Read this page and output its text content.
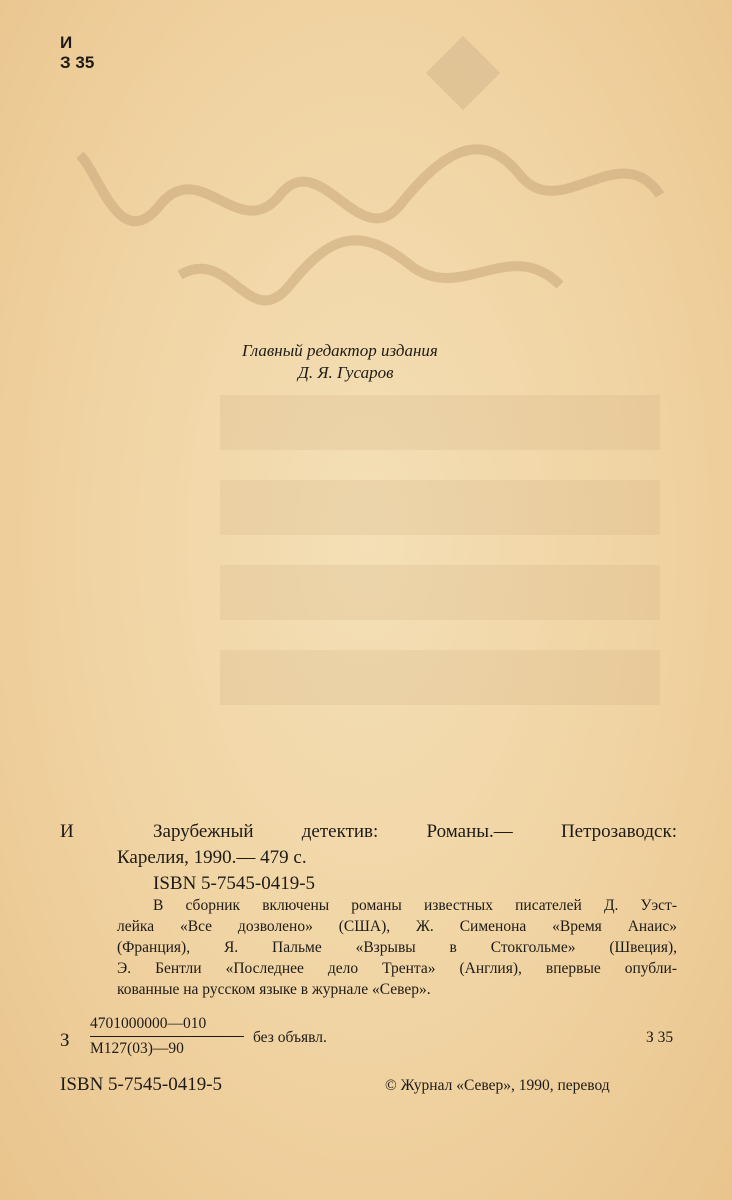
И
З 35
Главный редактор издания
Д. Я. Гусаров
И	Зарубежный детектив: Романы.— Петрозаводск:
Карелия, 1990.— 479 с.
ISBN 5-7545-0419-5
В сборник включены романы известных писателей Д. Уэст-
лейка «Все дозволено» (США), Ж. Сименона «Время Анаис»
(Франция), Я. Пальме «Взрывы в Стокгольме» (Швеция),
Э. Бентли «Последнее дело Трента» (Англия), впервые опубли-
кованные на русском языке в журнале «Север».
З
4701000000—010
М127(03)—90
без объявл.	З 35
ISBN 5-7545-0419-5	© Журнал «Север», 1990, перевод
